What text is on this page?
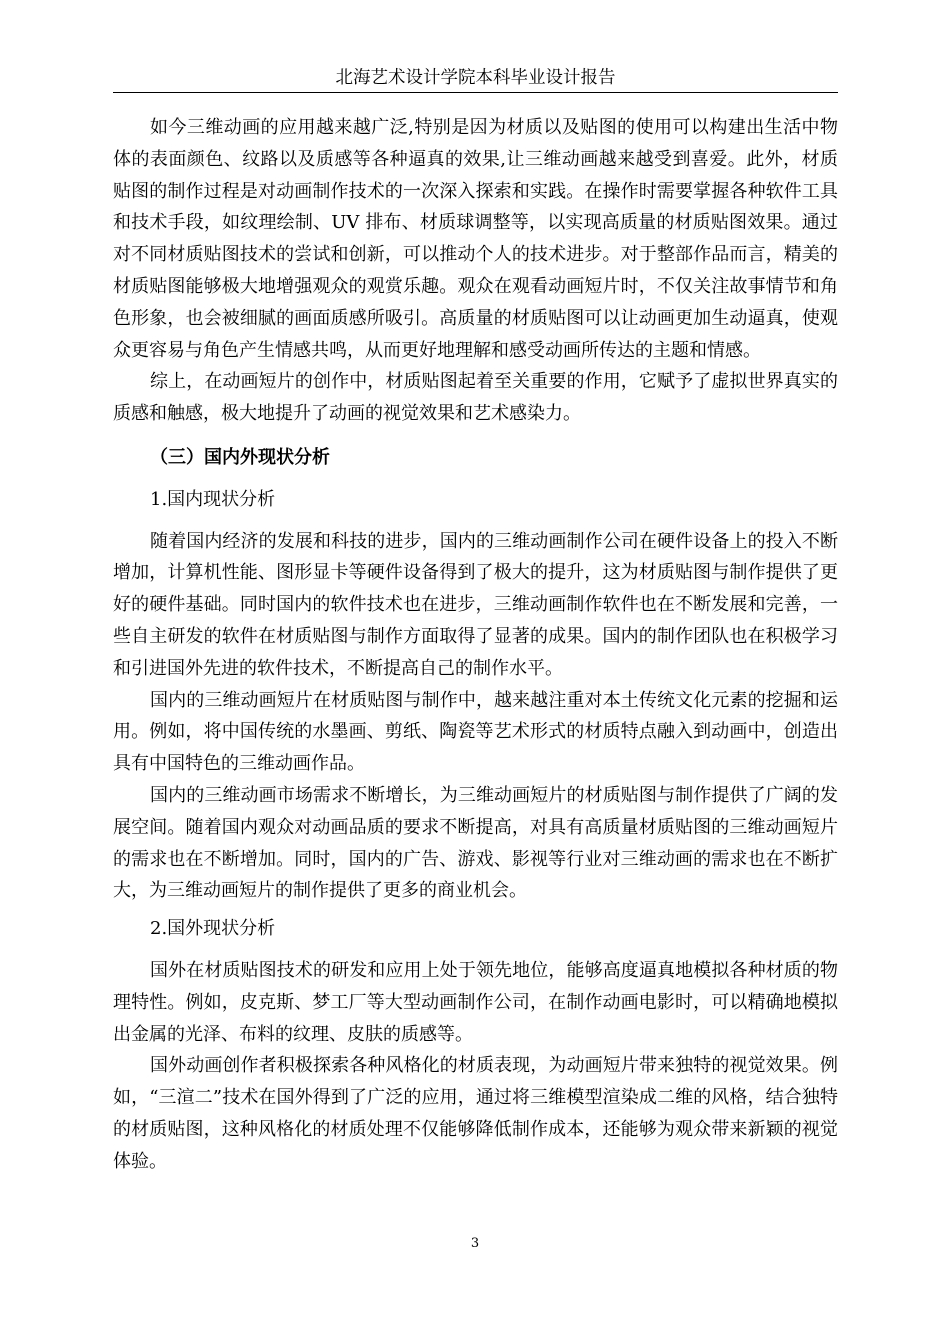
北海艺术设计学院本科毕业设计报告

如今三维动画的应用越来越广泛,特别是因为材质以及贴图的使用可以构建出生活中物体的表面颜色、纹路以及质感等各种逼真的效果,让三维动画越来越受到喜爱。此外，材质贴图的制作过程是对动画制作技术的一次深入探索和实践。在操作时需要掌握各种软件工具和技术手段，如纹理绘制、UV 排布、材质球调整等，以实现高质量的材质贴图效果。通过对不同材质贴图技术的尝试和创新，可以推动个人的技术进步。对于整部作品而言，精美的材质贴图能够极大地增强观众的观赏乐趣。观众在观看动画短片时，不仅关注故事情节和角色形象，也会被细腻的画面质感所吸引。高质量的材质贴图可以让动画更加生动逼真，使观众更容易与角色产生情感共鸣，从而更好地理解和感受动画所传达的主题和情感。

综上，在动画短片的创作中，材质贴图起着至关重要的作用，它赋予了虚拟世界真实的质感和触感，极大地提升了动画的视觉效果和艺术感染力。

（三）国内外现状分析

1.国内现状分析

随着国内经济的发展和科技的进步，国内的三维动画制作公司在硬件设备上的投入不断增加，计算机性能、图形显卡等硬件设备得到了极大的提升，这为材质贴图与制作提供了更好的硬件基础。同时国内的软件技术也在进步，三维动画制作软件也在不断发展和完善，一些自主研发的软件在材质贴图与制作方面取得了显著的成果。国内的制作团队也在积极学习和引进国外先进的软件技术，不断提高自己的制作水平。

国内的三维动画短片在材质贴图与制作中，越来越注重对本土传统文化元素的挖掘和运用。例如，将中国传统的水墨画、剪纸、陶瓷等艺术形式的材质特点融入到动画中，创造出具有中国特色的三维动画作品。

国内的三维动画市场需求不断增长，为三维动画短片的材质贴图与制作提供了广阔的发展空间。随着国内观众对动画品质的要求不断提高，对具有高质量材质贴图的三维动画短片的需求也在不断增加。同时，国内的广告、游戏、影视等行业对三维动画的需求也在不断扩大，为三维动画短片的制作提供了更多的商业机会。

2.国外现状分析

国外在材质贴图技术的研发和应用上处于领先地位，能够高度逼真地模拟各种材质的物理特性。例如，皮克斯、梦工厂等大型动画制作公司，在制作动画电影时，可以精确地模拟出金属的光泽、布料的纹理、皮肤的质感等。

国外动画创作者积极探索各种风格化的材质表现，为动画短片带来独特的视觉效果。例如，“三渲二”技术在国外得到了广泛的应用，通过将三维模型渲染成二维的风格，结合独特的材质贴图，这种风格化的材质处理不仅能够降低制作成本，还能够为观众带来新颖的视觉体验。

3
